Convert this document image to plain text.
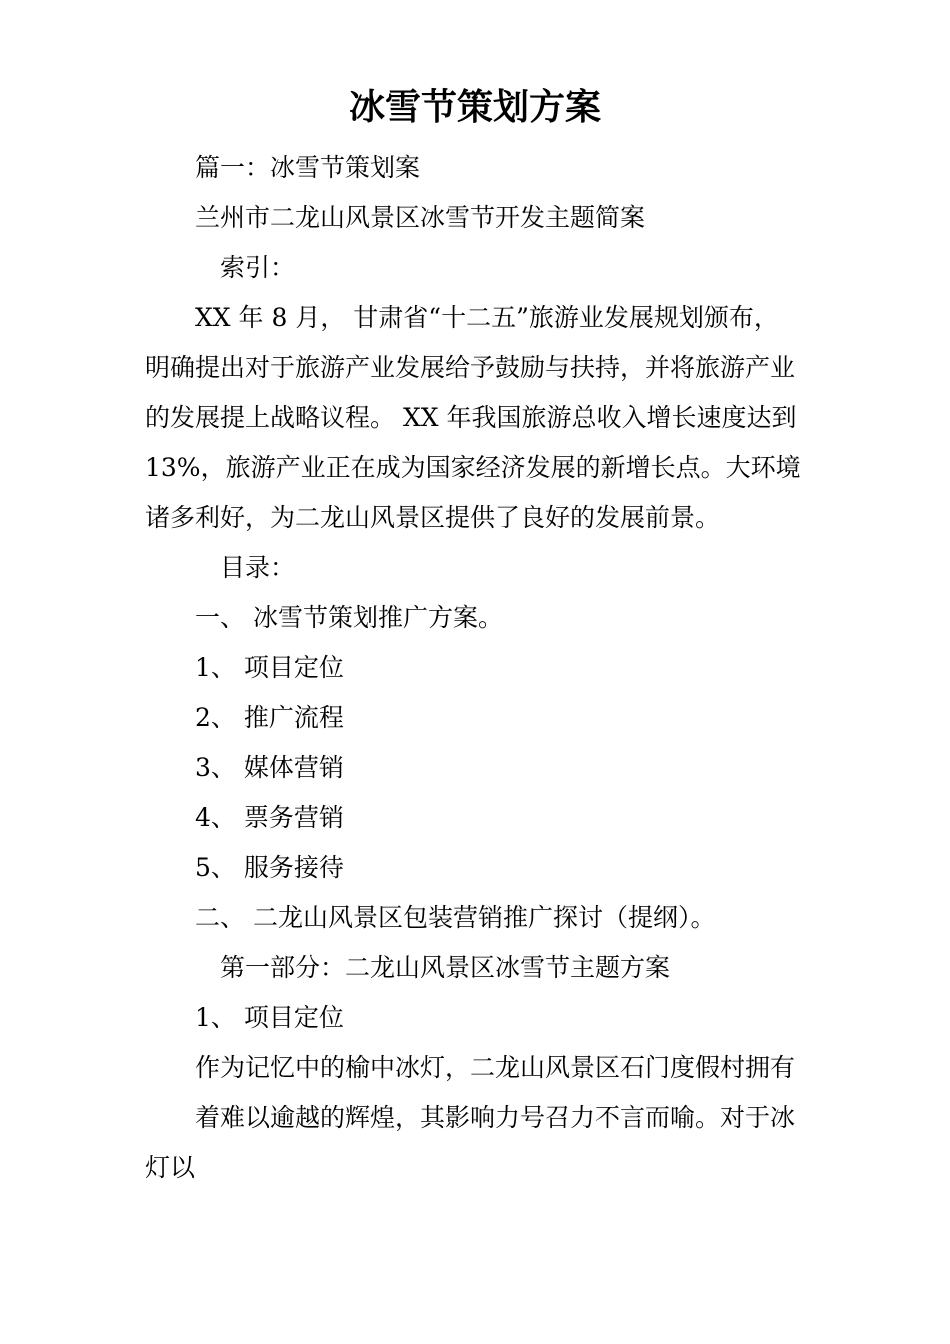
冰雪节策划方案
篇一：冰雪节策划案
兰州市二龙山风景区冰雪节开发主题简案
索引：
XX 年 8 月， 甘肃省“十二五”旅游业发展规划颁布，
明确提出对于旅游产业发展给予鼓励与扶持，并将旅游产业
的发展提上战略议程。 XX 年我国旅游总收入增长速度达到
13%，旅游产业正在成为国家经济发展的新增长点。大环境
诸多利好，为二龙山风景区提供了良好的发展前景。
目录：
一、 冰雪节策划推广方案。
1、 项目定位
2、 推广流程
3、 媒体营销
4、 票务营销
5、 服务接待
二、 二龙山风景区包装营销推广探讨（提纲）。
第一部分：二龙山风景区冰雪节主题方案
1、 项目定位
作为记忆中的榆中冰灯，二龙山风景区石门度假村拥有
着难以逾越的辉煌，其影响力号召力不言而喻。对于冰
灯以
